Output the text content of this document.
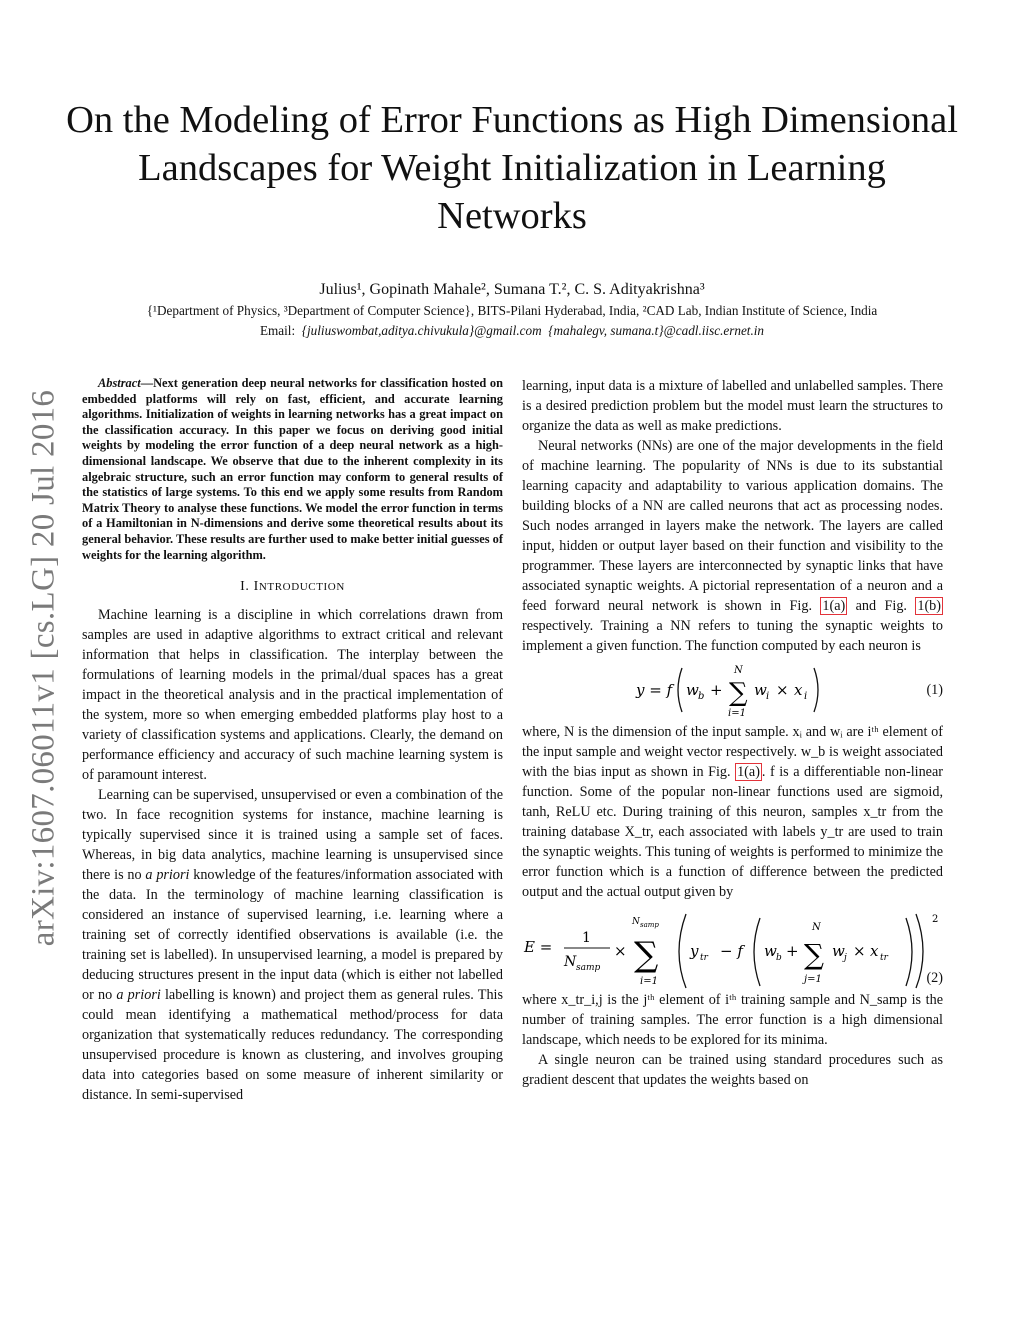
arXiv:1607.06011v1 [cs.LG] 20 Jul 2016
On the Modeling of Error Functions as High Dimensional Landscapes for Weight Initialization in Learning Networks
Julius¹, Gopinath Mahale², Sumana T.², C. S. Adityakrishna³
{¹Department of Physics, ³Department of Computer Science}, BITS-Pilani Hyderabad, India, ²CAD Lab, Indian Institute of Science, India
Email: {juliuswombat,aditya.chivukula}@gmail.com {mahalegv, sumana.t}@cadl.iisc.ernet.in

Abstract—Next generation deep neural networks for classification hosted on embedded platforms will rely on fast, efficient, and accurate learning algorithms. Initialization of weights in learning networks has a great impact on the classification accuracy. In this paper we focus on deriving good initial weights by modeling the error function of a deep neural network as a high-dimensional landscape. We observe that due to the inherent complexity in its algebraic structure, such an error function may conform to general results of the statistics of large systems. To this end we apply some results from Random Matrix Theory to analyse these functions. We model the error function in terms of a Hamiltonian in N-dimensions and derive some theoretical results about its general behavior. These results are further used to make better initial guesses of weights for the learning algorithm.

I. INTRODUCTION

Machine learning is a discipline in which correlations drawn from samples are used in adaptive algorithms to extract critical and relevant information that helps in classification. The interplay between the formulations of learning models in the primal/dual spaces has a great impact in the theoretical analysis and in the practical implementation of the system, more so when emerging embedded platforms play host to a variety of classification systems and applications. Clearly, the demand on performance efficiency and accuracy of such machine learning system is of paramount interest.

Learning can be supervised, unsupervised or even a combination of the two. In face recognition systems for instance, machine learning is typically supervised since it is trained using a sample set of faces. Whereas, in big data analytics, machine learning is unsupervised since there is no a priori knowledge of the features/information associated with the data. In the terminology of machine learning classification is considered an instance of supervised learning, i.e. learning where a training set of correctly identified observations is available (i.e. the training set is labelled). In unsupervised learning, a model is prepared by deducing structures present in the input data (which is either not labelled or no a priori labelling is known) and project them as general rules. This could mean identifying a mathematical method/process for data organization that systematically reduces redundancy. The corresponding unsupervised procedure is known as clustering, and involves grouping data into categories based on some measure of inherent similarity or distance. In semi-supervised

learning, input data is a mixture of labelled and unlabelled samples. There is a desired prediction problem but the model must learn the structures to organize the data as well as make predictions.

Neural networks (NNs) are one of the major developments in the field of machine learning. The popularity of NNs is due to its substantial learning capacity and adaptability to various application domains. The building blocks of a NN are called neurons that act as processing nodes. Such nodes arranged in layers make the network. The layers are called input, hidden or output layer based on their function and visibility to the programmer. These layers are interconnected by synaptic links that have associated synaptic weights. A pictorial representation of a neuron and a feed forward neural network is shown in Fig. 1(a) and Fig. 1(b) respectively. Training a NN refers to tuning the synaptic weights to implement a given function. The function computed by each neuron is

y = f w b + ∑
N
i=1
w i × x i	(1)

where, N is the dimension of the input sample. xᵢ and wᵢ are iᵗʰ element of the input sample and weight vector respectively. w_b is weight associated with the bias input as shown in Fig. 1(a) . f is a differentiable non-linear function. Some of the popular non-linear functions used are sigmoid, tanh, ReLU etc. During training of this neuron, samples x_tr from the training database X_tr, each associated with labels y_tr are used to train the synaptic weights. This tuning of weights is performed to minimize the error function which is a function of difference between the predicted output and the actual output given by

E = 1
N samp
× ∑
N samp
i=1
y tr − f w b + ∑
N
j=1
w j × x tr
2
(2)

where x_tr_i,j is the jᵗʰ element of iᵗʰ training sample and N_samp is the number of training samples. The error function is a high dimensional landscape, which needs to be explored for its minima.

A single neuron can be trained using standard procedures such as gradient descent that updates the weights based on
